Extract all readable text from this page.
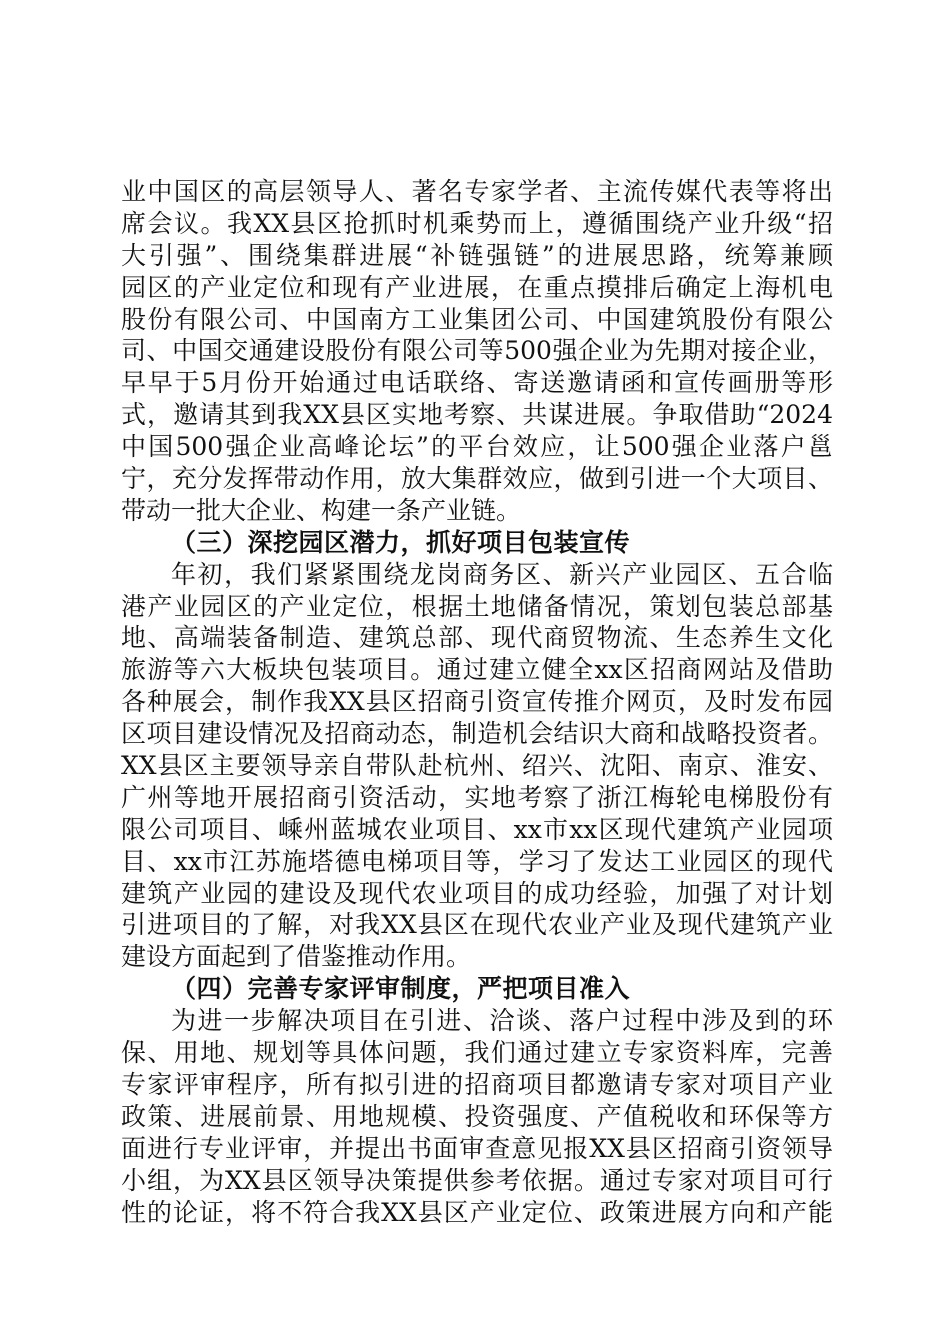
业中国区的高层领导人、著名专家学者、主流传媒代表等将出
席会议。我XX县区抢抓时机乘势而上，遵循围绕产业升级“招
大引强”、围绕集群进展“补链强链”的进展思路，统筹兼顾
园区的产业定位和现有产业进展，在重点摸排后确定上海机电
股份有限公司、中国南方工业集团公司、中国建筑股份有限公
司、中国交通建设股份有限公司等500强企业为先期对接企业，
早早于5月份开始通过电话联络、寄送邀请函和宣传画册等形
式，邀请其到我XX县区实地考察、共谋进展。争取借助“2024
中国500强企业高峰论坛”的平台效应，让500强企业落户邕
宁，充分发挥带动作用，放大集群效应，做到引进一个大项目、
带动一批大企业、构建一条产业链。
（三）深挖园区潜力，抓好项目包装宣传
年初，我们紧紧围绕龙岗商务区、新兴产业园区、五合临
港产业园区的产业定位，根据土地储备情况，策划包装总部基
地、高端装备制造、建筑总部、现代商贸物流、生态养生文化
旅游等六大板块包装项目。通过建立健全xx区招商网站及借助
各种展会，制作我XX县区招商引资宣传推介网页，及时发布园
区项目建设情况及招商动态，制造机会结识大商和战略投资者。
XX县区主要领导亲自带队赴杭州、绍兴、沈阳、南京、淮安、
广州等地开展招商引资活动，实地考察了浙江梅轮电梯股份有
限公司项目、嵊州蓝城农业项目、xx市xx区现代建筑产业园项
目、xx市江苏施塔德电梯项目等，学习了发达工业园区的现代
建筑产业园的建设及现代农业项目的成功经验，加强了对计划
引进项目的了解，对我XX县区在现代农业产业及现代建筑产业
建设方面起到了借鉴推动作用。
（四）完善专家评审制度，严把项目准入
为进一步解决项目在引进、洽谈、落户过程中涉及到的环
保、用地、规划等具体问题，我们通过建立专家资料库，完善
专家评审程序，所有拟引进的招商项目都邀请专家对项目产业
政策、进展前景、用地规模、投资强度、产值税收和环保等方
面进行专业评审，并提出书面审查意见报XX县区招商引资领导
小组，为XX县区领导决策提供参考依据。通过专家对项目可行
性的论证，将不符合我XX县区产业定位、政策进展方向和产能
